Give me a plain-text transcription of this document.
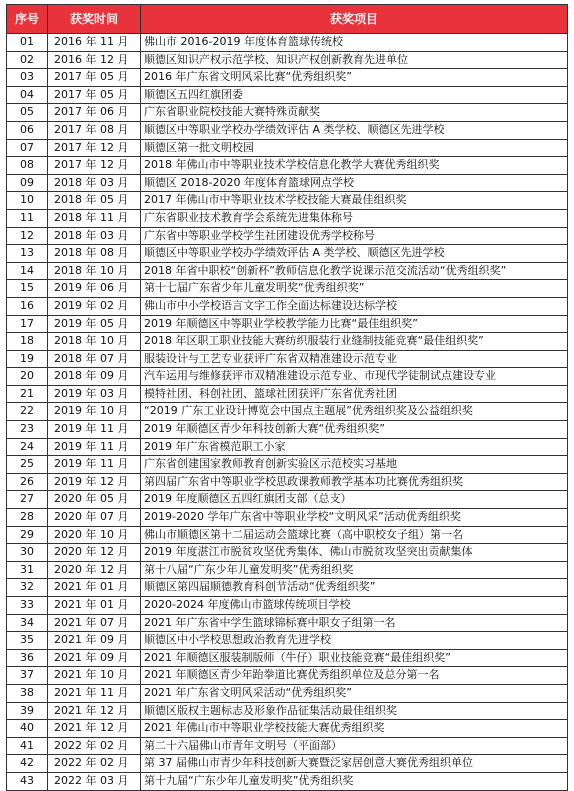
序号	获奖时间	获奖项目
01	2016 年 11 月	佛山市 2016-2019 年度体育篮球传统校
02	2016 年 12 月	顺德区知识产权示范学校、知识产权创新教育先进单位
03	2017 年 05 月	2016 年广东省文明风采比赛“优秀组织奖”
04	2017 年 05 月	顺德区五四红旗团委
05	2017 年 06 月	广东省职业院校技能大赛特殊贡献奖
06	2017 年 08 月	顺德区中等职业学校办学绩效评估 A 类学校、顺德区先进学校
07	2017 年 12 月	顺德区第一批文明校园
08	2017 年 12 月	2018 年佛山市中等职业技术学校信息化教学大赛优秀组织奖
09	2018 年 03 月	顺德区 2018-2020 年度体育篮球网点学校
10	2018 年 05 月	2017 年佛山市中等职业技术学校技能大赛最佳组织奖
11	2018 年 11 月	广东省职业技术教育学会系统先进集体称号
12	2018 年 03 月	广东省中等职业学校学生社团建设优秀学校称号
13	2018 年 08 月	顺德区中等职业学校办学绩效评估 A 类学校、顺德区先进学校
14	2018 年 10 月	2018 年省中职校“创新杯”教师信息化教学说课示范交流活动“优秀组织奖”
15	2019 年 06 月	第十七届广东省少年儿童发明奖“优秀组织奖”
16	2019 年 02 月	佛山市中小学校语言文字工作全面达标建设达标学校
17	2019 年 05 月	2019 年顺德区中等职业学校教学能力比赛“最佳组织奖”
18	2018 年 10 月	2018 年区职工职业技能大赛纺织服装行业缝制技能竞赛“最佳组织奖”
19	2018 年 07 月	服装设计与工艺专业获评广东省双精准建设示范专业
20	2018 年 09 月	汽车运用与维修获评市双精准建设示范专业、市现代学徒制试点建设专业
21	2019 年 03 月	模特社团、科创社团、篮球社团获评广东省优秀社团
22	2019 年 10 月	“2019 广东工业设计博览会中国点主题展”优秀组织奖及公益组织奖
23	2019 年 11 月	2019 年顺德区青少年科技创新大赛“优秀组织奖”
24	2019 年 11 月	2019 年广东省模范职工小家
25	2019 年 11 月	广东省创建国家教师教育创新实验区示范校实习基地
26	2019 年 12 月	第四届广东省中等职业学校思政课教师教学基本功比赛优秀组织奖
27	2020 年 05 月	2019 年度顺德区五四红旗团支部（总支）
28	2020 年 07 月	2019-2020 学年广东省中等职业学校“文明风采”活动优秀组织奖
29	2020 年 10 月	佛山市顺德区第十二届运动会篮球比赛（高中职校女子组）第一名
30	2020 年 12 月	2019 年度湛江市脱贫攻坚优秀集体、佛山市脱贫攻坚突出贡献集体
31	2020 年 12 月	第十八届“广东少年儿童发明奖”优秀组织奖
32	2021 年 01 月	顺德区第四届顺德教育科创节活动“优秀组织奖”
33	2021 年 01 月	2020-2024 年度佛山市篮球传统项目学校
34	2021 年 07 月	2021 年广东省中学生篮球锦标赛中职女子组第一名
35	2021 年 09 月	顺德区中小学校思想政治教育先进学校
36	2021 年 09 月	2021 年顺德区服装制版师（牛仔）职业技能竞赛“最佳组织奖”
37	2021 年 10 月	2021 年顺德区青少年跆拳道比赛优秀组织单位及总分第一名
38	2021 年 11 月	2021 年广东省文明风采活动“优秀组织奖”
39	2021 年 12 月	顺德区版权主题标志及形象作品征集活动最佳组织奖
40	2021 年 12 月	2021 年佛山市中等职业学校技能大赛优秀组织奖
41	2022 年 02 月	第二十六届佛山市青年文明号（平面部）
42	2022 年 02 月	第 37 届佛山市青少年科技创新大赛暨泛家居创意大赛优秀组织单位
43	2022 年 03 月	第十九届“广东少年儿童发明奖”优秀组织奖
